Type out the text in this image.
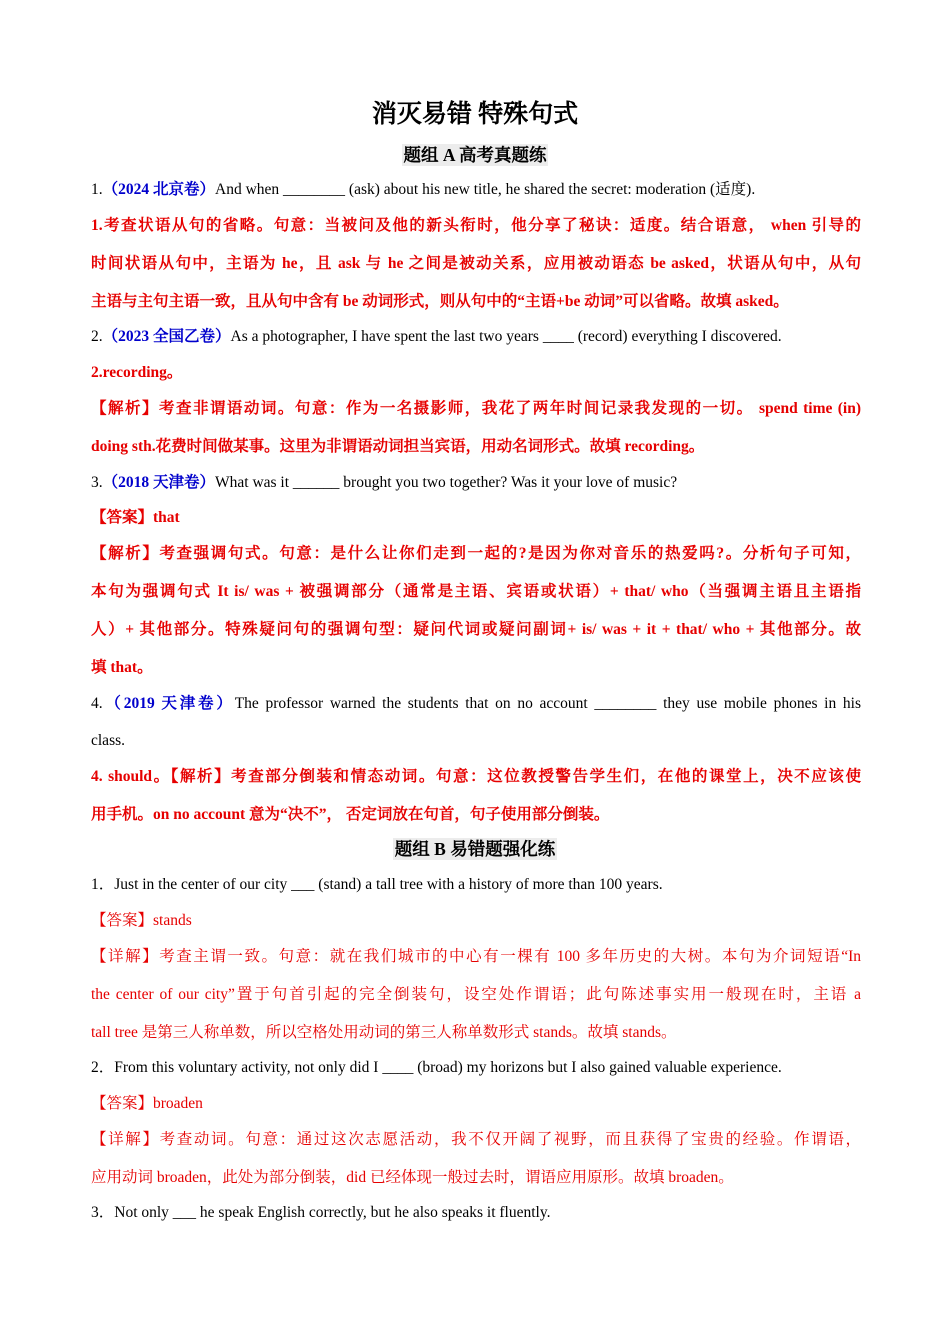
消灭易错 特殊句式
题组 A 高考真题练
1.（2024 北京卷）And when ________ (ask) about his new title, he shared the secret: moderation (适度).
1.考查状语从句的省略。句意：当被问及他的新头衔时，他分享了秘诀：适度。结合语意， when 引导的
时间状语从句中，主语为 he，且 ask 与 he 之间是被动关系，应用被动语态 be asked，状语从句中，从句
主语与主句主语一致，且从句中含有 be 动词形式，则从句中的“主语+be 动词”可以省略。故填 asked。
2.（2023 全国乙卷）As a photographer, I have spent the last two years ____ (record) everything I discovered.
2.recording。
【解析】考查非谓语动词。句意：作为一名摄影师，我花了两年时间记录我发现的一切。 spend time (in)
doing sth.花费时间做某事。这里为非谓语动词担当宾语，用动名词形式。故填 recording。
3.（2018 天津卷）What was it ______ brought you two together? Was it your love of music?
【答案】that
【解析】考查强调句式。句意：是什么让你们走到一起的?是因为你对音乐的热爱吗?。分析句子可知，
本句为强调句式 It is/ was + 被强调部分（通常是主语、宾语或状语）+ that/ who（当强调主语且主语指
人）+ 其他部分。特殊疑问句的强调句型：疑问代词或疑问副词+ is/ was + it + that/ who + 其他部分。故
填 that。
4.（2019 天津卷）The professor warned the students that on no account ________ they use mobile phones in his
class.
4. should。【解析】考查部分倒装和情态动词。句意：这位教授警告学生们，在他的课堂上，决不应该使
用手机。on no account 意为“决不”， 否定词放在句首，句子使用部分倒装。
题组 B 易错题强化练
1．Just in the center of our city ___ (stand) a tall tree with a history of more than 100 years.
【答案】stands
【详解】考查主谓一致。句意：就在我们城市的中心有一棵有 100 多年历史的大树。本句为介词短语“In
the center of our city”置于句首引起的完全倒装句，设空处作谓语；此句陈述事实用一般现在时，主语 a
tall tree 是第三人称单数，所以空格处用动词的第三人称单数形式 stands。故填 stands。
2．From this voluntary activity, not only did I ____ (broad) my horizons but I also gained valuable experience.
【答案】broaden
【详解】考查动词。句意：通过这次志愿活动，我不仅开阔了视野，而且获得了宝贵的经验。作谓语，
应用动词 broaden，此处为部分倒装，did 已经体现一般过去时，谓语应用原形。故填 broaden。
3．Not only ___ he speak English correctly, but he also speaks it fluently.
